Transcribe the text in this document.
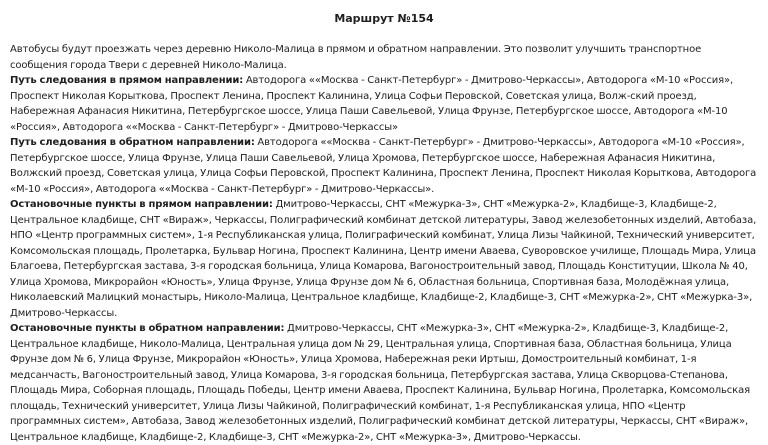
Маршрут №154

Автобусы будут проезжать через деревню Николо-Малица в прямом и обратном направлении. Это позволит улучшить транспортное сообщения города Твери с деревней Николо-Малица.

Путь следования в прямом направлении: Автодорога ««Москва - Санкт-Петербург» - Дмитрово-Черкассы», Автодорога «М-10 «Россия», Проспект Николая Корыткова, Проспект Ленина, Проспект Калинина, Улица Софьи Перовской, Советская улица, Волж-ский проезд, Набережная Афанасия Никитина, Петербургское шоссе, Улица Паши Савельевой, Улица Фрунзе, Петербургское шоссе, Автодорога «М-10 «Россия», Автодорога ««Москва - Санкт-Петербург» - Дмитрово-Черкассы»

Путь следования в обратном направлении: Автодорога ««Москва - Санкт-Петербург» - Дмитрово-Черкассы», Автодорога «М-10 «Россия», Петербургское шоссе, Улица Фрунзе, Улица Паши Савельевой, Улица Хромова, Петербургское шоссе, Набережная Афанасия Никитина, Волжский проезд, Советская улица, Улица Софьи Перовской, Проспект Калинина, Проспект Ленина, Проспект Николая Корыткова, Автодорога «М-10 «Россия», Автодорога ««Москва - Санкт-Петербург» - Дмитрово-Черкассы».

Остановочные пункты в прямом направлении: Дмитрово-Черкассы, СНТ «Межурка-3», СНТ «Межурка-2», Кладбище-3, Кладбище-2, Центральное кладбище, СНТ «Вираж», Черкассы, Полиграфический комбинат детской литературы, Завод железобетонных изделий, Автобаза, НПО «Центр программных систем», 1-я Республиканская улица, Полиграфический комбинат, Улица Лизы Чайкиной, Технический университет, Комсомольская площадь, Пролетарка, Бульвар Ногина, Проспект Калинина, Центр имени Аваева, Суворовское училище, Площадь Мира, Улица Благоева, Петербургская застава, 3-я городская больница, Улица Комарова, Вагоностроительный завод, Площадь Конституции, Школа № 40, Улица Хромова, Микрорайон «Юность», Улица Фрунзе, Улица Фрунзе дом № 6, Областная больница, Спортивная база, Молодёжная улица, Николаевский Малицкий монастырь, Николо-Малица, Центральное кладбище, Кладбище-2, Кладбище-3, СНТ «Межурка-2», СНТ «Межурка-3», Дмитрово-Черкассы.

Остановочные пункты в обратном направлении: Дмитрово-Черкассы, СНТ «Межурка-3», СНТ «Межурка-2», Кладбище-3, Кладбище-2, Центральное кладбище, Николо-Малица, Центральная улица дом № 29, Центральная улица, Спортивная база, Областная больница, Улица Фрунзе дом № 6, Улица Фрунзе, Микрорайон «Юность», Улица Хромова, Набережная реки Иртыш, Домостроительный комбинат, 1-я медсанчасть, Вагоностроительный завод, Улица Комарова, 3-я городская больница, Петербургская застава, Улица Скворцова-Степанова, Площадь Мира, Соборная площадь, Площадь Победы, Центр имени Аваева, Проспект Калинина, Бульвар Ногина, Пролетарка, Комсомольская площадь, Технический университет, Улица Лизы Чайкиной, Полиграфический комбинат, 1-я Республиканская улица, НПО «Центр программных систем», Автобаза, Завод железобетонных изделий, Полиграфический комбинат детской литературы, Черкассы, СНТ «Вираж», Центральное кладбище, Кладбище-2, Кладбище-3, СНТ «Межурка-2», СНТ «Межурка-3», Дмитрово-Черкассы.
